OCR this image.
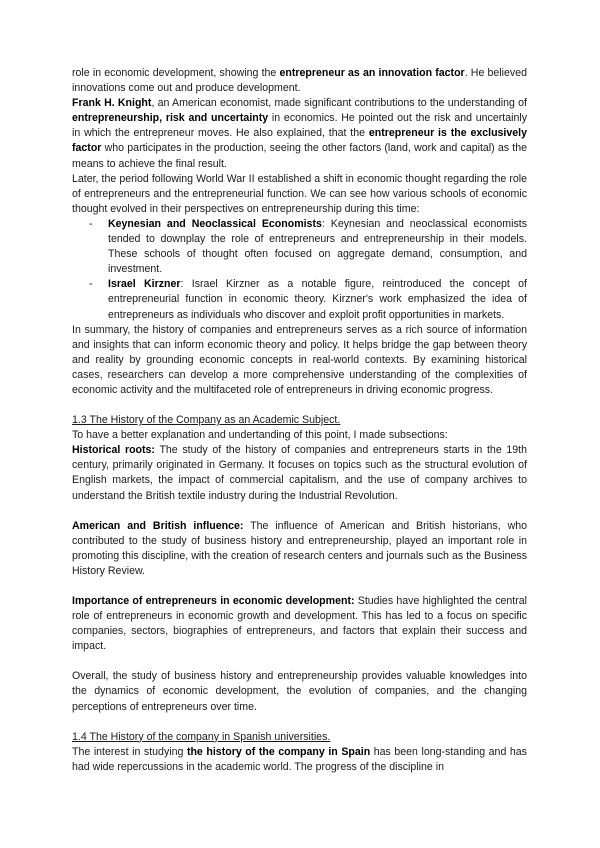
role in economic development, showing the entrepreneur as an innovation factor. He believed innovations come out and produce development.

Frank H. Knight, an American economist, made significant contributions to the understanding of entrepreneurship, risk and uncertainty in economics. He pointed out the risk and uncertainly in which the entrepreneur moves. He also explained, that the entrepreneur is the exclusively factor who participates in the production, seeing the other factors (land, work and capital) as the means to achieve the final result.

Later, the period following World War II established a shift in economic thought regarding the role of entrepreneurs and the entrepreneurial function. We can see how various schools of economic thought evolved in their perspectives on entrepreneurship during this time:

- Keynesian and Neoclassical Economists: Keynesian and neoclassical economists tended to downplay the role of entrepreneurs and entrepreneurship in their models. These schools of thought often focused on aggregate demand, consumption, and investment.
- Israel Kirzner: Israel Kirzner as a notable figure, reintroduced the concept of entrepreneurial function in economic theory. Kirzner's work emphasized the idea of entrepreneurs as individuals who discover and exploit profit opportunities in markets.

In summary, the history of companies and entrepreneurs serves as a rich source of information and insights that can inform economic theory and policy. It helps bridge the gap between theory and reality by grounding economic concepts in real-world contexts. By examining historical cases, researchers can develop a more comprehensive understanding of the complexities of economic activity and the multifaceted role of entrepreneurs in driving economic progress.

1.3 The History of the Company as an Academic Subject.

To have a better explanation and undertanding of this point, I made subsections:

Historical roots: The study of the history of companies and entrepreneurs starts in the 19th century, primarily originated in Germany. It focuses on topics such as the structural evolution of English markets, the impact of commercial capitalism, and the use of company archives to understand the British textile industry during the Industrial Revolution.

American and British influence: The influence of American and British historians, who contributed to the study of business history and entrepreneurship, played an important role in promoting this discipline, with the creation of research centers and journals such as the Business History Review.

Importance of entrepreneurs in economic development: Studies have highlighted the central role of entrepreneurs in economic growth and development. This has led to a focus on specific companies, sectors, biographies of entrepreneurs, and factors that explain their success and impact.

Overall, the study of business history and entrepreneurship provides valuable knowledges into the dynamics of economic development, the evolution of companies, and the changing perceptions of entrepreneurs over time.

1.4 The History of the company in Spanish universities.

The interest in studying the history of the company in Spain has been long-standing and has had wide repercussions in the academic world. The progress of the discipline in
